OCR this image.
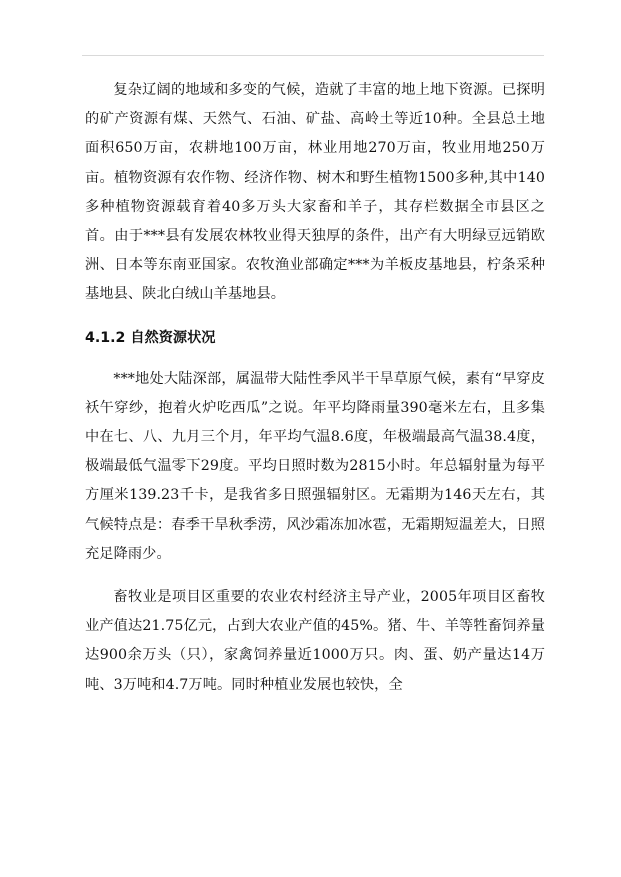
复杂辽阔的地域和多变的气候，造就了丰富的地上地下资源。已探明的矿产资源有煤、天然气、石油、矿盐、高岭土等近10种。全县总土地面积650万亩，农耕地100万亩，林业用地270万亩，牧业用地250万亩。植物资源有农作物、经济作物、树木和野生植物1500多种,其中140多种植物资源载育着40多万头大家畜和羊子，其存栏数据全市县区之首。由于***县有发展农林牧业得天独厚的条件，出产有大明绿豆远销欧洲、日本等东南亚国家。农牧渔业部确定***为羊板皮基地县，柠条采种基地县、陕北白绒山羊基地县。

4.1.2 自然资源状况

***地处大陆深部，属温带大陆性季风半干旱草原气候，素有“早穿皮袄午穿纱，抱着火炉吃西瓜”之说。年平均降雨量390毫米左右，且多集中在七、八、九月三个月，年平均气温8.6度，年极端最高气温38.4度，极端最低气温零下29度。平均日照时数为2815小时。年总辐射量为每平方厘米139.23千卡，是我省多日照强辐射区。无霜期为146天左右，其气候特点是：春季干旱秋季涝，风沙霜冻加冰雹，无霜期短温差大，日照充足降雨少。

畜牧业是项目区重要的农业农村经济主导产业，2005年项目区畜牧业产值达21.75亿元，占到大农业产值的45%。猪、牛、羊等牲畜饲养量达900余万头（只），家禽饲养量近1000万只。肉、蛋、奶产量达14万吨、3万吨和4.7万吨。同时种植业发展也较快，全
